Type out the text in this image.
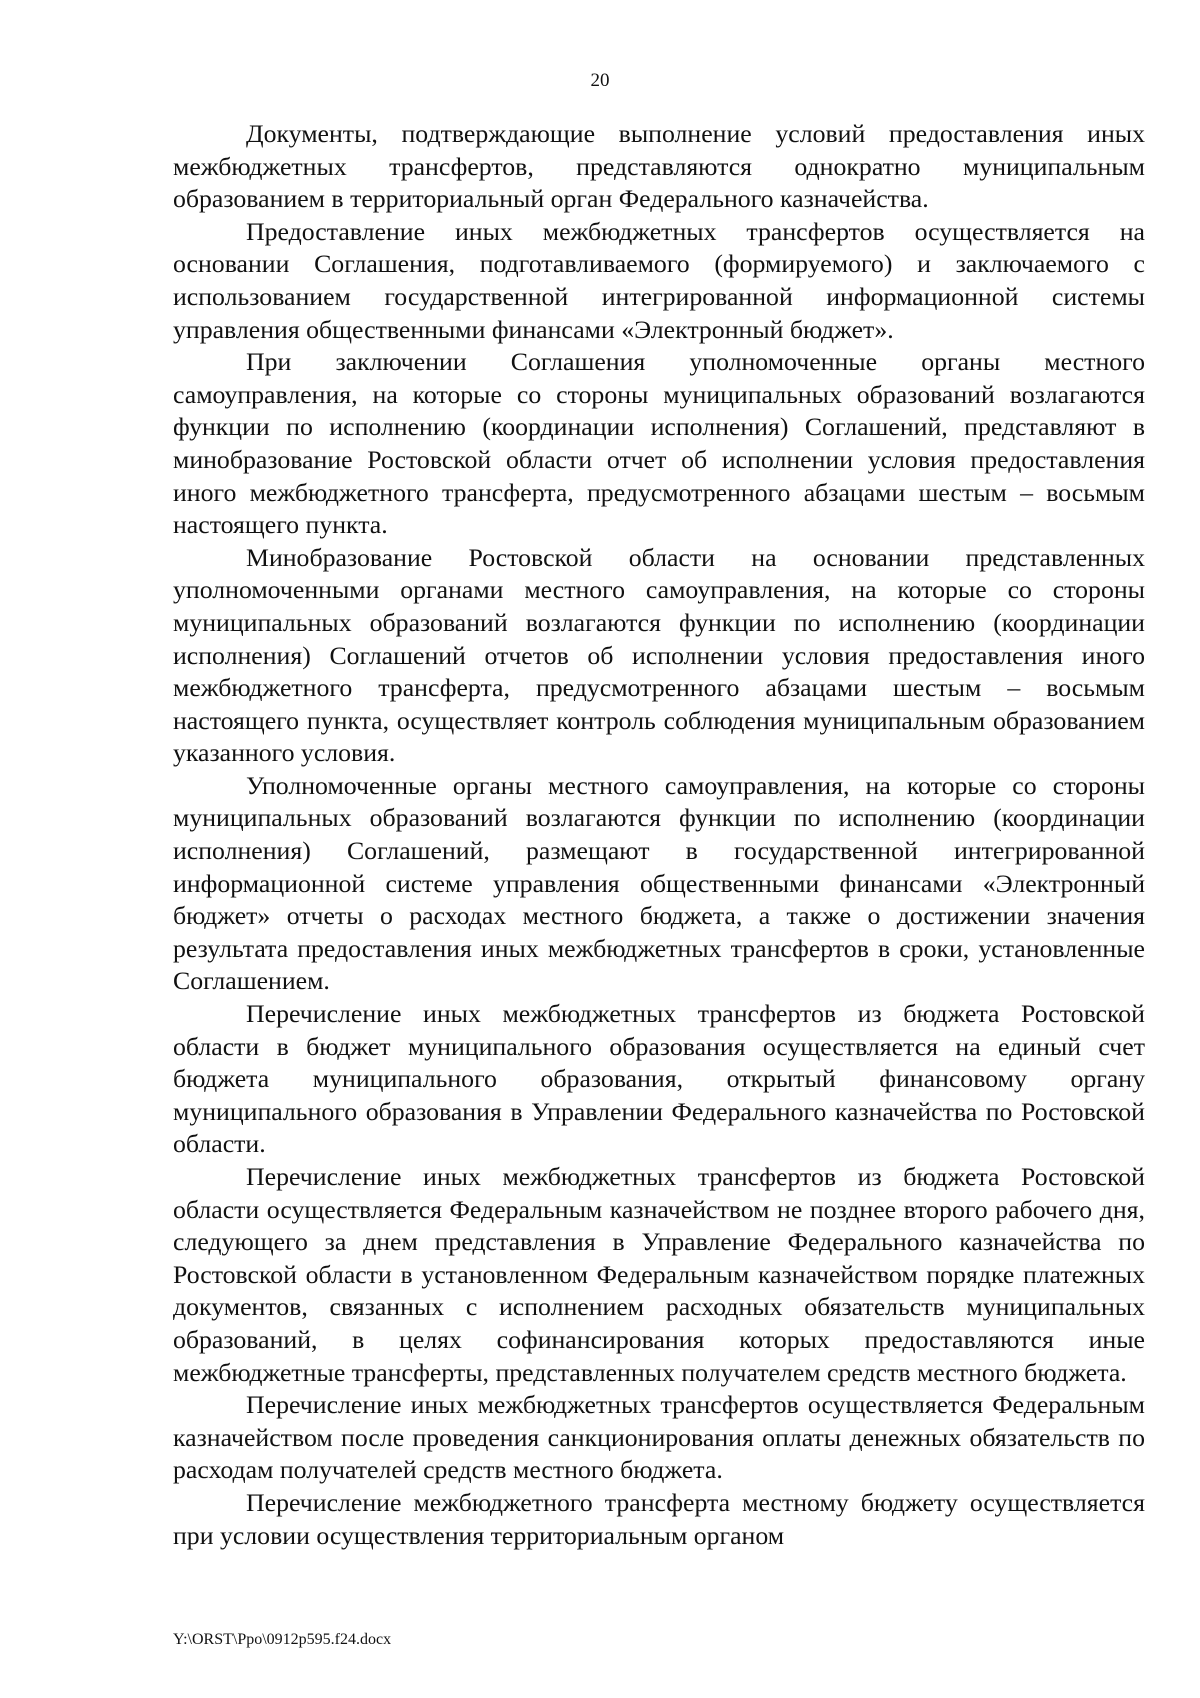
20

Документы, подтверждающие выполнение условий предоставления иных межбюджетных трансфертов, представляются однократно муниципальным образованием в территориальный орган Федерального казначейства.

Предоставление иных межбюджетных трансфертов осуществляется на основании Соглашения, подготавливаемого (формируемого) и заключаемого с использованием государственной интегрированной информационной системы управления общественными финансами «Электронный бюджет».

При заключении Соглашения уполномоченные органы местного самоуправления, на которые со стороны муниципальных образований возлагаются функции по исполнению (координации исполнения) Соглашений, представляют в минобразование Ростовской области отчет об исполнении условия предоставления иного межбюджетного трансферта, предусмотренного абзацами шестым – восьмым настоящего пункта.

Минобразование Ростовской области на основании представленных уполномоченными органами местного самоуправления, на которые со стороны муниципальных образований возлагаются функции по исполнению (координации исполнения) Соглашений отчетов об исполнении условия предоставления иного межбюджетного трансферта, предусмотренного абзацами шестым – восьмым настоящего пункта, осуществляет контроль соблюдения муниципальным образованием указанного условия.

Уполномоченные органы местного самоуправления, на которые со стороны муниципальных образований возлагаются функции по исполнению (координации исполнения) Соглашений, размещают в государственной интегрированной информационной системе управления общественными финансами «Электронный бюджет» отчеты о расходах местного бюджета, а также о достижении значения результата предоставления иных межбюджетных трансфертов в сроки, установленные Соглашением.

Перечисление иных межбюджетных трансфертов из бюджета Ростовской области в бюджет муниципального образования осуществляется на единый счет бюджета муниципального образования, открытый финансовому органу муниципального образования в Управлении Федерального казначейства по Ростовской области.

Перечисление иных межбюджетных трансфертов из бюджета Ростовской области осуществляется Федеральным казначейством не позднее второго рабочего дня, следующего за днем представления в Управление Федерального казначейства по Ростовской области в установленном Федеральным казначейством порядке платежных документов, связанных с исполнением расходных обязательств муниципальных образований, в целях софинансирования которых предоставляются иные межбюджетные трансферты, представленных получателем средств местного бюджета.

Перечисление иных межбюджетных трансфертов осуществляется Федеральным казначейством после проведения санкционирования оплаты денежных обязательств по расходам получателей средств местного бюджета.

Перечисление межбюджетного трансферта местному бюджету осуществляется при условии осуществления территориальным органом

Y:\ORST\Ppo\0912p595.f24.docx
